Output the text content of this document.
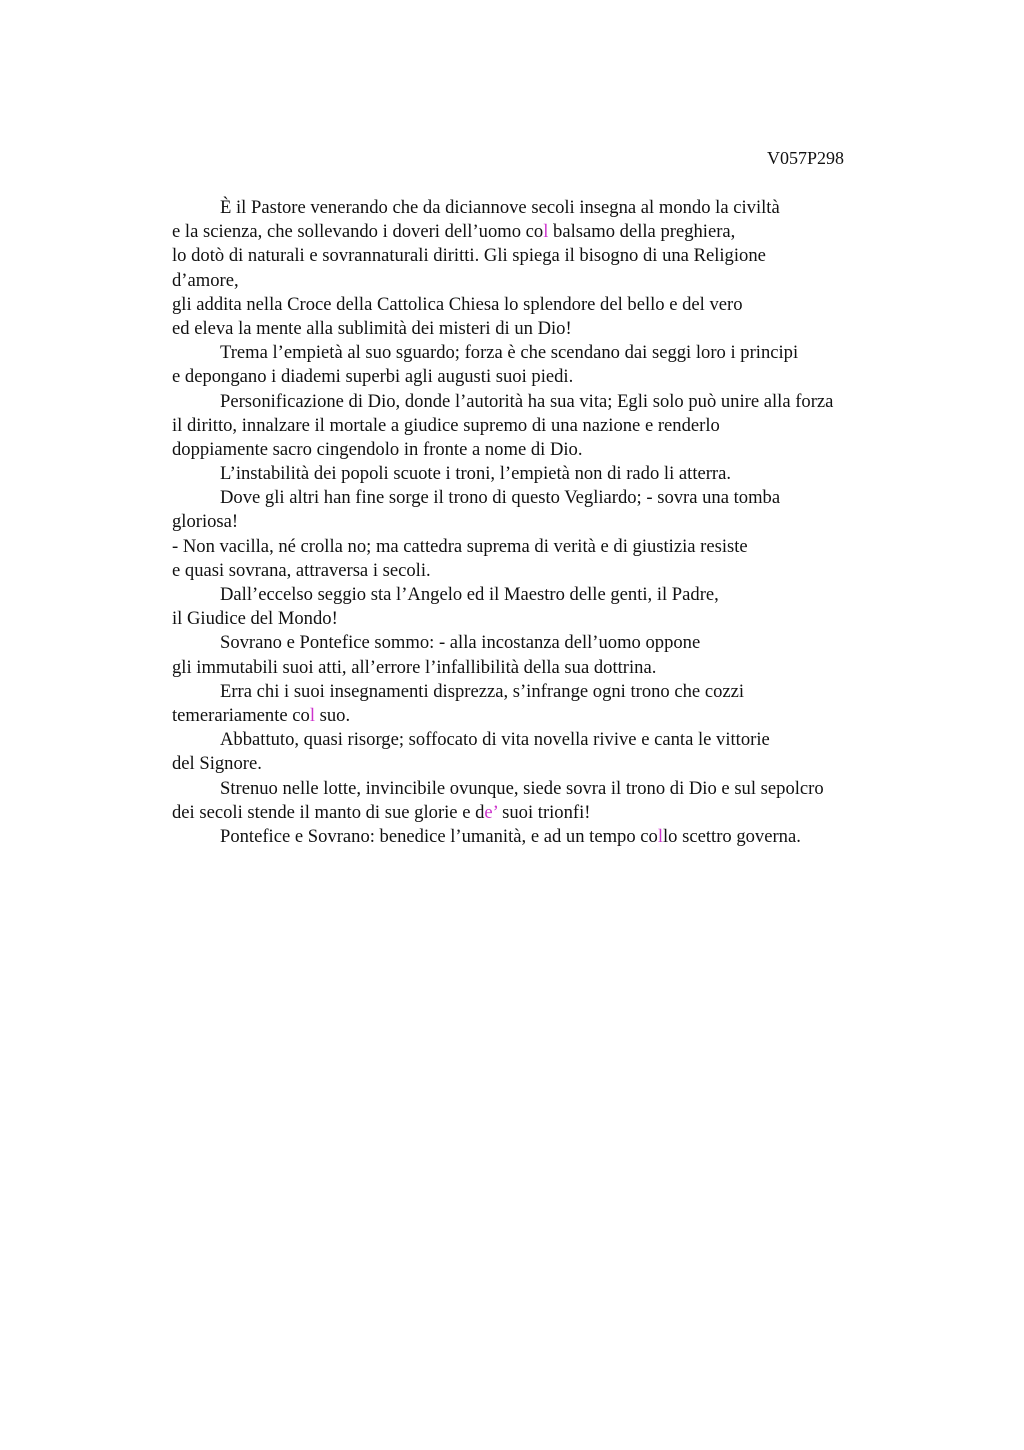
V057P298
È il Pastore venerando che da diciannove secoli insegna al mondo la civiltà
e la scienza, che sollevando i doveri dell’uomo col balsamo della preghiera,
lo dotò di naturali e sovrannaturali diritti. Gli spiega il bisogno di una Religione
d’amore,
gli addita nella Croce della Cattolica Chiesa lo splendore del bello e del vero
ed eleva la mente alla sublimità dei misteri di un Dio!
Trema l’empietà al suo sguardo; forza è che scendano dai seggi loro i principi
e depongano i diademi superbi agli augusti suoi piedi.
Personificazione di Dio, donde l’autorità ha sua vita; Egli solo può unire alla forza
il diritto, innalzare il mortale a giudice supremo di una nazione e renderlo
doppiamente sacro cingendolo in fronte a nome di Dio.
L’instabilità dei popoli scuote i troni, l’empietà non di rado li atterra.
Dove gli altri han fine sorge il trono di questo Vegliardo; - sovra una tomba
gloriosa!
- Non vacilla, né crolla no; ma cattedra suprema di verità e di giustizia resiste
e quasi sovrana, attraversa i secoli.
Dall’eccelso seggio sta l’Angelo ed il Maestro delle genti, il Padre,
il Giudice del Mondo!
Sovrano e Pontefice sommo: - alla incostanza dell’uomo oppone
gli immutabili suoi atti, all’errore l’infallibilità della sua dottrina.
Erra chi i suoi insegnamenti disprezza, s’infrange ogni trono che cozzi
temerariamente col suo.
Abbattuto, quasi risorge; soffocato di vita novella rivive e canta le vittorie
del Signore.
Strenuo nelle lotte, invincibile ovunque, siede sovra il trono di Dio e sul sepolcro
dei secoli stende il manto di sue glorie e de’ suoi trionfi!
Pontefice e Sovrano: benedice l’umanità, e ad un tempo collo scettro governa.
